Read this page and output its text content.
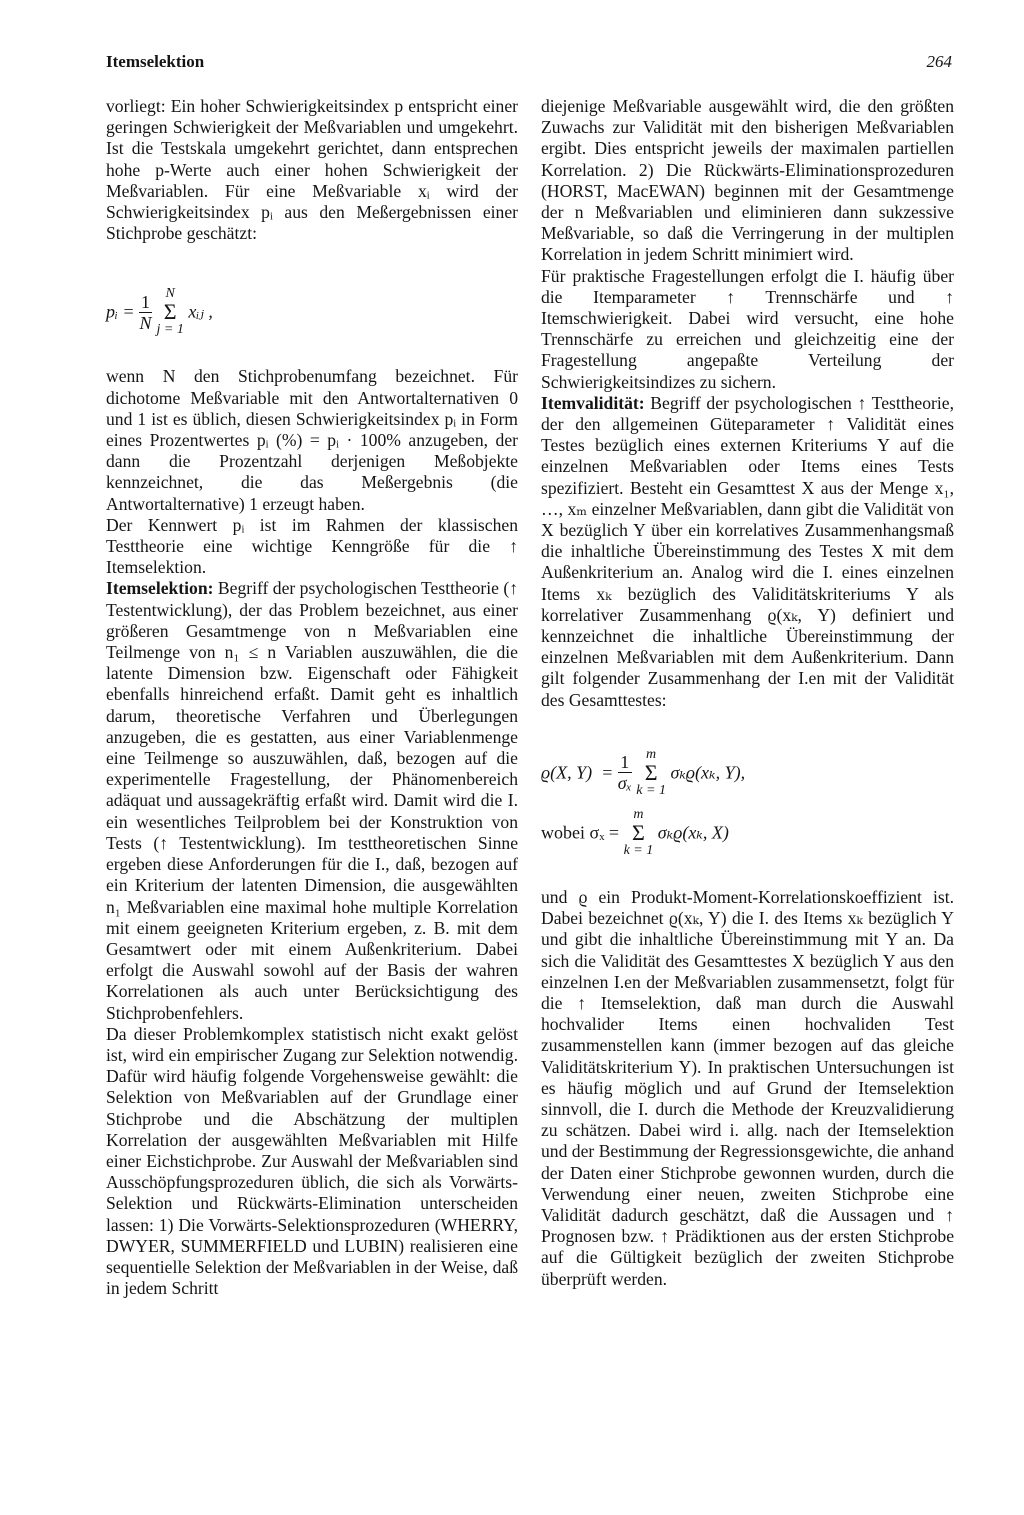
Itemselektion	264

vorliegt: Ein hoher Schwierigkeitsindex p entspricht einer geringen Schwierigkeit der Meßvariablen und umgekehrt. Ist die Testskala umgekehrt gerichtet, dann entsprechen hohe p-Werte auch einer hohen Schwierigkeit der Meßvariablen. Für eine Meßvariable xᵢ wird der Schwierigkeitsindex pᵢ aus den Meßergebnissen einer Stichprobe geschätzt:

pᵢ = $\frac{1}{N}$ N
Σ
j = 1 xᵢⱼ ,

wenn N den Stichprobenumfang bezeichnet. Für dichotome Meßvariable mit den Antwortalternativen 0 und 1 ist es üblich, diesen Schwierigkeitsindex pᵢ in Form eines Prozentwertes pᵢ (%) = pᵢ · 100% anzugeben, der dann die Prozentzahl derjenigen Meßobjekte kennzeichnet, die das Meßergebnis (die Antwortalternative) 1 erzeugt haben.

Der Kennwert pᵢ ist im Rahmen der klassischen Testtheorie eine wichtige Kenngröße für die ↑ Itemselektion.

Itemselektion: Begriff der psychologischen Testtheorie (↑ Testentwicklung), der das Problem bezeichnet, aus einer größeren Gesamtmenge von n Meßvariablen eine Teilmenge von n₁ ≤ n Variablen auszuwählen, die die latente Dimension bzw. Eigenschaft oder Fähigkeit ebenfalls hinreichend erfaßt. Damit geht es inhaltlich darum, theoretische Verfahren und Überlegungen anzugeben, die es gestatten, aus einer Variablenmenge eine Teilmenge so auszuwählen, daß, bezogen auf die experimentelle Fragestellung, der Phänomenbereich adäquat und aussagekräftig erfaßt wird. Damit wird die I. ein wesentliches Teilproblem bei der Konstruktion von Tests (↑ Testentwicklung). Im testtheoretischen Sinne ergeben diese Anforderungen für die I., daß, bezogen auf ein Kriterium der latenten Dimension, die ausgewählten n₁ Meßvariablen eine maximal hohe multiple Korrelation mit einem geeigneten Kriterium ergeben, z. B. mit dem Gesamtwert oder mit einem Außenkriterium. Dabei erfolgt die Auswahl sowohl auf der Basis der wahren Korrelationen als auch unter Berücksichtigung des Stichprobenfehlers.

Da dieser Problemkomplex statistisch nicht exakt gelöst ist, wird ein empirischer Zugang zur Selektion notwendig. Dafür wird häufig folgende Vorgehensweise gewählt: die Selektion von Meßvariablen auf der Grundlage einer Stichprobe und die Abschätzung der multiplen Korrelation der ausgewählten Meßvariablen mit Hilfe einer Eichstichprobe. Zur Auswahl der Meßvariablen sind Ausschöpfungsprozeduren üblich, die sich als Vorwärts-Selektion und Rückwärts-Elimination unterscheiden lassen: 1) Die Vorwärts-Selektionsprozeduren (WHERRY, DWYER, SUMMERFIELD und LUBIN) realisieren eine sequentielle Selektion der Meßvariablen in der Weise, daß in jedem Schritt

diejenige Meßvariable ausgewählt wird, die den größten Zuwachs zur Validität mit den bisherigen Meßvariablen ergibt. Dies entspricht jeweils der maximalen partiellen Korrelation. 2) Die Rückwärts-Eliminationsprozeduren (HORST, MacEWAN) beginnen mit der Gesamtmenge der n Meßvariablen und eliminieren dann sukzessive Meßvariable, so daß die Verringerung in der multiplen Korrelation in jedem Schritt minimiert wird.

Für praktische Fragestellungen erfolgt die I. häufig über die Itemparameter ↑ Trennschärfe und ↑ Itemschwierigkeit. Dabei wird versucht, eine hohe Trennschärfe zu erreichen und gleichzeitig eine der Fragestellung angepaßte Verteilung der Schwierigkeitsindizes zu sichern.

Itemvalidität: Begriff der psychologischen ↑ Testtheorie, der den allgemeinen Güteparameter ↑ Validität eines Testes bezüglich eines externen Kriteriums Y auf die einzelnen Meßvariablen oder Items eines Tests spezifiziert. Besteht ein Gesamttest X aus der Menge x₁, …, xₘ einzelner Meßvariablen, dann gibt die Validität von X bezüglich Y über ein korrelatives Zusammenhangsmaß die inhaltliche Übereinstimmung des Testes X mit dem Außenkriterium an. Analog wird die I. eines einzelnen Items xₖ bezüglich des Validitätskriteriums Y als korrelativer Zusammenhang ϱ(xₖ, Y) definiert und kennzeichnet die inhaltliche Übereinstimmung der einzelnen Meßvariablen mit dem Außenkriterium. Dann gilt folgender Zusammenhang der I.en mit der Validität des Gesamttestes:

ϱ(X, $Y) = \frac{1}{\text{σₓ}}$ m
Σ
k = 1 σₖϱ(xₖ, Y),
wobei σₓ = m
Σ
k = 1 σₖϱ(xₖ, X)

und ϱ ein Produkt-Moment-Korrelationskoeffizient ist. Dabei bezeichnet ϱ(xₖ, Y) die I. des Items xₖ bezüglich Y und gibt die inhaltliche Übereinstimmung mit Y an. Da sich die Validität des Gesamttestes X bezüglich Y aus den einzelnen I.en der Meßvariablen zusammensetzt, folgt für die ↑ Itemselektion, daß man durch die Auswahl hochvalider Items einen hochvaliden Test zusammenstellen kann (immer bezogen auf das gleiche Validitätskriterium Y). In praktischen Untersuchungen ist es häufig möglich und auf Grund der Itemselektion sinnvoll, die I. durch die Methode der Kreuzvalidierung zu schätzen. Dabei wird i. allg. nach der Itemselektion und der Bestimmung der Regressionsgewichte, die anhand der Daten einer Stichprobe gewonnen wurden, durch die Verwendung einer neuen, zweiten Stichprobe eine Validität dadurch geschätzt, daß die Aussagen und ↑ Prognosen bzw. ↑ Prädiktionen aus der ersten Stichprobe auf die Gültigkeit bezüglich der zweiten Stichprobe überprüft werden.
